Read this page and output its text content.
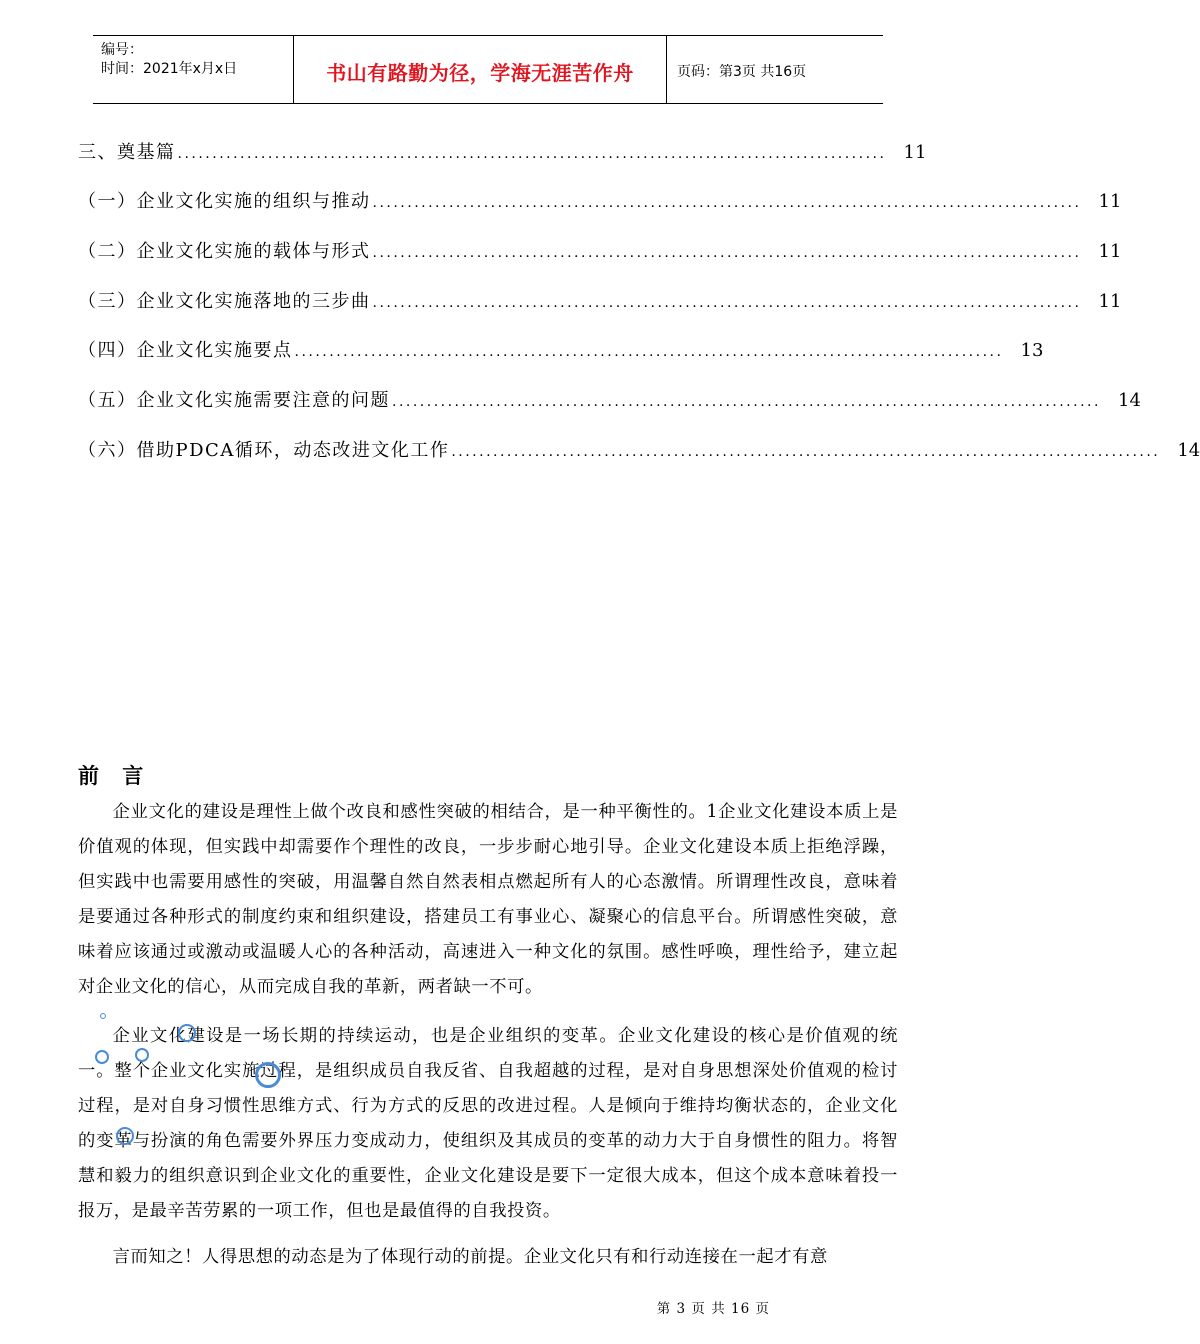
编号：
时间：2021年x月x日	书山有路勤为径，学海无涯苦作舟	页码：第3页 共16页
三、奠基篇 ...................................................................................................... 11
（一）企业文化实施的组织与推动 ...................................................................................................... 11
（二）企业文化实施的载体与形式 ...................................................................................................... 11
（三）企业文化实施落地的三步曲 ...................................................................................................... 11
（四）企业文化实施要点 ...................................................................................................... 13
（五）企业文化实施需要注意的问题 ...................................................................................................... 14
（六）借助PDCA循环，动态改进文化工作 ...................................................................................................... 14
前 言
企业文化的建设是理性上做个改良和感性突破的相结合，是一种平衡性的。1企业文化建设本质上是价值观的体现，但实践中却需要作个理性的改良，一步步耐心地引导。企业文化建设本质上拒绝浮躁，但实践中也需要用感性的突破，用温馨自然自然表相点燃起所有人的心态激情。所谓理性改良，意味着是要通过各种形式的制度约束和组织建设，搭建员工有事业心、凝聚心的信息平台。所谓感性突破，意味着应该通过或激动或温暖人心的各种活动，高速进入一种文化的氛围。感性呼唤，理性给予，建立起对企业文化的信心，从而完成自我的革新，两者缺一不可。
企业文化建设是一场长期的持续运动，也是企业组织的变革。企业文化建设的核心是价值观的统一。整个企业文化实施过程，是组织成员自我反省、自我超越的过程，是对自身思想深处价值观的检讨过程，是对自身习惯性思维方式、行为方式的反思的改进过程。人是倾向于维持均衡状态的，企业文化的变革与扮演的角色需要外界压力变成动力，使组织及其成员的变革的动力大于自身惯性的阻力。将智慧和毅力的组织意识到企业文化的重要性，企业文化建设是要下一定很大成本，但这个成本意味着投一报万，是最辛苦劳累的一项工作，但也是最值得的自我投资。
言而知之！人得思想的动态是为了体现行动的前提。企业文化只有和行动连接在一起才有意
第 3 页 共 16 页
